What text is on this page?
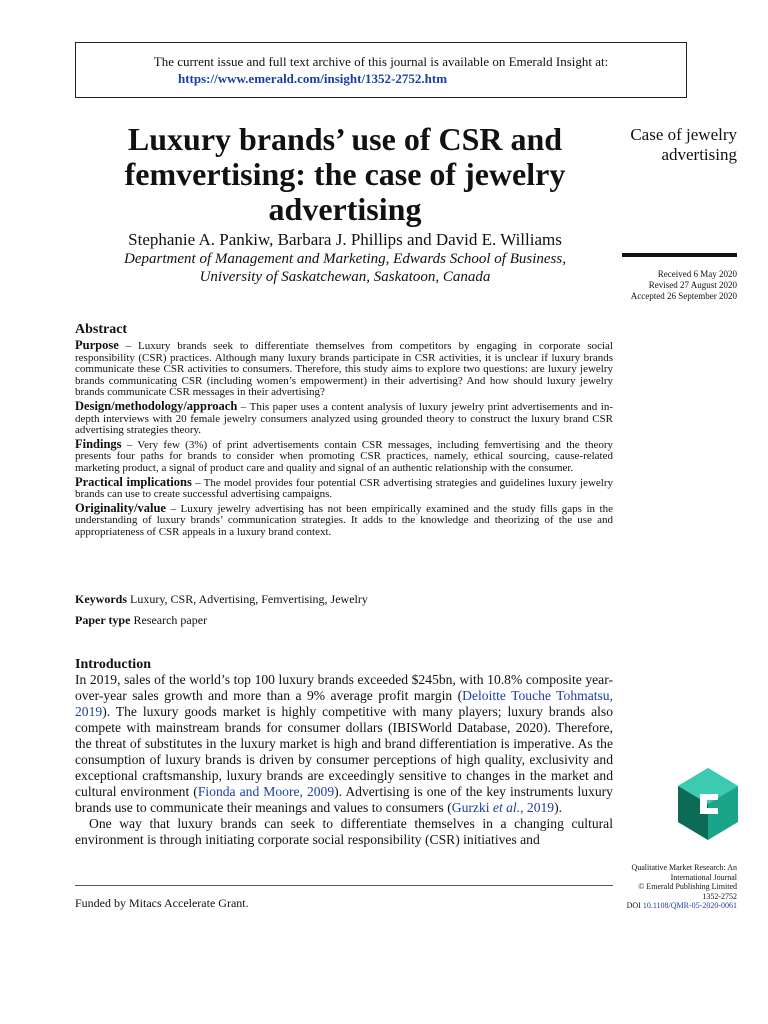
The current issue and full text archive of this journal is available on Emerald Insight at:
https://www.emerald.com/insight/1352-2752.htm
Luxury brands’ use of CSR and femvertising: the case of jewelry advertising
Case of jewelry advertising
Stephanie A. Pankiw, Barbara J. Phillips and David E. Williams
Department of Management and Marketing, Edwards School of Business,
University of Saskatchewan, Saskatoon, Canada	Received 6 May 2020
Revised 27 August 2020
Accepted 26 September 2020
Abstract

Purpose – Luxury brands seek to differentiate themselves from competitors by engaging in corporate social responsibility (CSR) practices. Although many luxury brands participate in CSR activities, it is unclear if luxury brands communicate these CSR activities to consumers. Therefore, this study aims to explore two questions: are luxury jewelry brands communicating CSR (including women’s empowerment) in their advertising? And how should luxury jewelry brands communicate CSR messages in their advertising?

Design/methodology/approach – This paper uses a content analysis of luxury jewelry print advertisements and in-depth interviews with 20 female jewelry consumers analyzed using grounded theory to construct the luxury brand CSR advertising strategies theory.

Findings – Very few (3%) of print advertisements contain CSR messages, including femvertising and the theory presents four paths for brands to consider when promoting CSR practices, namely, ethical sourcing, cause-related marketing product, a signal of product care and quality and signal of an authentic relationship with the consumer.

Practical implications – The model provides four potential CSR advertising strategies and guidelines luxury jewelry brands can use to create successful advertising campaigns.

Originality/value – Luxury jewelry advertising has not been empirically examined and the study fills gaps in the understanding of luxury brands’ communication strategies. It adds to the knowledge and theorizing of the use and appropriateness of CSR appeals in a luxury brand context.

Keywords Luxury, CSR, Advertising, Femvertising, Jewelry
Paper type Research paper
Introduction

In 2019, sales of the world’s top 100 luxury brands exceeded $245bn, with 10.8% composite year-over-year sales growth and more than a 9% average profit margin (Deloitte Touche Tohmatsu, 2019). The luxury goods market is highly competitive with many players; luxury brands also compete with mainstream brands for consumer dollars (IBISWorld Database, 2020). Therefore, the threat of substitutes in the luxury market is high and brand differentiation is imperative. As the consumption of luxury brands is driven by consumer perceptions of high quality, exclusivity and exceptional craftsmanship, luxury brands are exceedingly sensitive to changes in the market and cultural environment (Fionda and Moore, 2009). Advertising is one of the key instruments luxury brands use to communicate their meanings and values to consumers (Gurzki et al., 2019).

One way that luxury brands can seek to differentiate themselves in a changing cultural environment is through initiating corporate social responsibility (CSR) initiatives and

Funded by Mitacs Accelerate Grant.
Qualitative Market Research: An
International Journal
© Emerald Publishing Limited
1352-2752
DOI 10.1108/QMR-05-2020-0061
